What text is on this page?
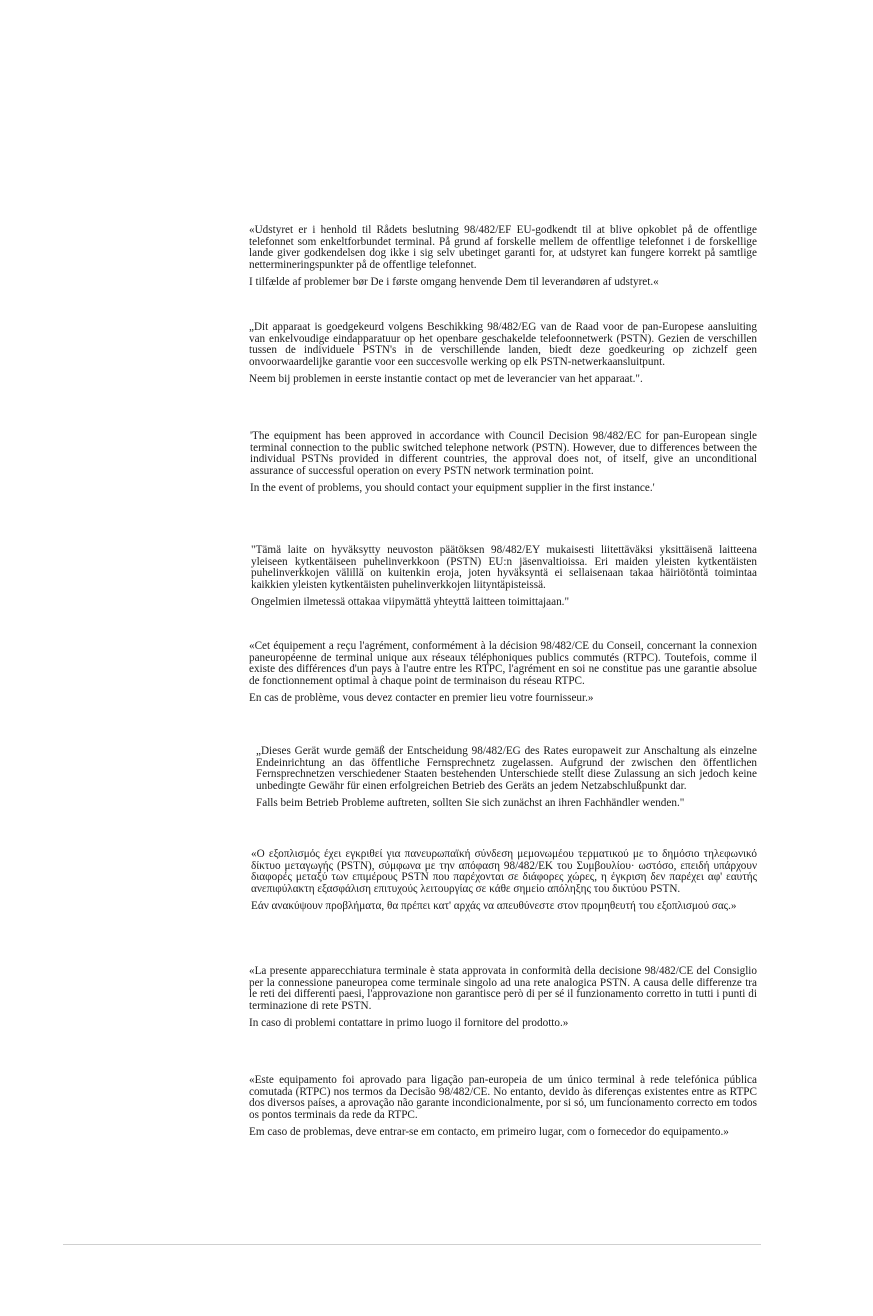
«Udstyret er i henhold til Rådets beslutning 98/482/EF EU-godkendt til at blive opkoblet på de offentlige telefonnet som enkeltforbundet terminal. På grund af forskelle mellem de offentlige telefonnet i de forskellige lande giver godkendelsen dog ikke i sig selv ubetinget garanti for, at udstyret kan fungere korrekt på samtlige nettermineringspunkter på de offentlige telefonnet.

I tilfælde af problemer bør De i første omgang henvende Dem til leverandøren af udstyret.«

„Dit apparaat is goedgekeurd volgens Beschikking 98/482/EG van de Raad voor de pan-Europese aansluiting van enkelvoudige eindapparatuur op het openbare geschakelde telefoonnetwerk (PSTN). Gezien de verschillen tussen de individuele PSTN's in de verschillende landen, biedt deze goedkeuring op zichzelf geen onvoorwaardelijke garantie voor een succesvolle werking op elk PSTN-netwerkaansluitpunt.

Neem bij problemen in eerste instantie contact op met de leverancier van het apparaat.".

'The equipment has been approved in accordance with Council Decision 98/482/EC for pan-European single terminal connection to the public switched telephone network (PSTN). However, due to differences between the individual PSTNs provided in different countries, the approval does not, of itself, give an unconditional assurance of successful operation on every PSTN network termination point.

In the event of problems, you should contact your equipment supplier in the first instance.'

"Tämä laite on hyväksytty neuvoston päätöksen 98/482/EY mukaisesti liitettäväksi yksittäisenä laitteena yleiseen kytkentäiseen puhelinverkkoon (PSTN) EU:n jäsenvaltioissa. Eri maiden yleisten kytkentäisten puhelinverkkojen välillä on kuitenkin eroja, joten hyväksyntä ei sellaisenaan takaa häiriötöntä toimintaa kaikkien yleisten kytkentäisten puhelinverkkojen liityntäpisteissä.

Ongelmien ilmetessä ottakaa viipymättä yhteyttä laitteen toimittajaan."

«Cet équipement a reçu l'agrément, conformément à la décision 98/482/CE du Conseil, concernant la connexion paneuropéenne de terminal unique aux réseaux téléphoniques publics commutés (RTPC). Toutefois, comme il existe des différences d'un pays à l'autre entre les RTPC, l'agrément en soi ne constitue pas une garantie absolue de fonctionnement optimal à chaque point de terminaison du réseau RTPC.

En cas de problème, vous devez contacter en premier lieu votre fournisseur.»

„Dieses Gerät wurde gemäß der Entscheidung 98/482/EG des Rates europaweit zur Anschaltung als einzelne Endeinrichtung an das öffentliche Fernsprechnetz zugelassen. Aufgrund der zwischen den öffentlichen Fernsprechnetzen verschiedener Staaten bestehenden Unterschiede stellt diese Zulassung an sich jedoch keine unbedingte Gewähr für einen erfolgreichen Betrieb des Geräts an jedem Netzabschlußpunkt dar.

Falls beim Betrieb Probleme auftreten, sollten Sie sich zunächst an ihren Fachhändler wenden."

«Ο εξοπλισμός έχει εγκριθεί για πανευρωπαϊκή σύνδεση μεμονωμέου τερματικού με το δημόσιο τηλεφωνικό δίκτυο μεταγωγής (PSTN), σύμφωνα με την απόφαση 98/482/ΕΚ του Συμβουλίου· ωστόσο, επειδή υπάρχουν διαφορές μεταξύ των επιμέρους PSTN που παρέχονται σε διάφορες χώρες, η έγκριση δεν παρέχει αφ' εαυτής ανεπιφύλακτη εξασφάλιση επιτυχούς λειτουργίας σε κάθε σημείο απόληξης του δικτύου PSTN.

Εάν ανακύψουν προβλήματα, θα πρέπει κατ' αρχάς να απευθύνεστε στον προμηθευτή του εξοπλισμού σας.»

«La presente apparecchiatura terminale è stata approvata in conformità della decisione 98/482/CE del Consiglio per la connessione paneuropea come terminale singolo ad una rete analogica PSTN. A causa delle differenze tra le reti dei differenti paesi, l'approvazione non garantisce però di per sé il funzionamento corretto in tutti i punti di terminazione di rete PSTN.

In caso di problemi contattare in primo luogo il fornitore del prodotto.»

«Este equipamento foi aprovado para ligação pan-europeia de um único terminal à rede telefónica pública comutada (RTPC) nos termos da Decisão 98/482/CE. No entanto, devido às diferenças existentes entre as RTPC dos diversos países, a aprovação não garante incondicionalmente, por si só, um funcionamento correcto em todos os pontos terminais da rede da RTPC.

Em caso de problemas, deve entrar-se em contacto, em primeiro lugar, com o fornecedor do equipamento.»
